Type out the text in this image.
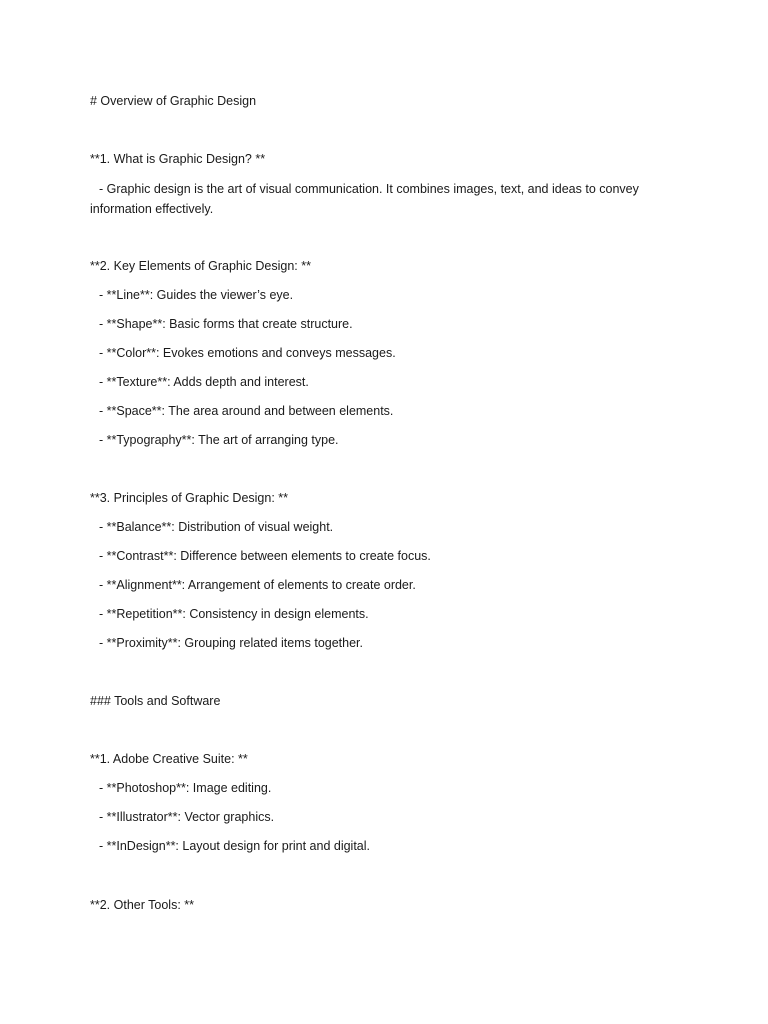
# Overview of Graphic Design
**1. What is Graphic Design? **
- Graphic design is the art of visual communication. It combines images, text, and ideas to convey information effectively.
**2. Key Elements of Graphic Design: **
- **Line**: Guides the viewer’s eye.
- **Shape**: Basic forms that create structure.
- **Color**: Evokes emotions and conveys messages.
- **Texture**: Adds depth and interest.
- **Space**: The area around and between elements.
- **Typography**: The art of arranging type.
**3. Principles of Graphic Design: **
- **Balance**: Distribution of visual weight.
- **Contrast**: Difference between elements to create focus.
- **Alignment**: Arrangement of elements to create order.
- **Repetition**: Consistency in design elements.
- **Proximity**: Grouping related items together.
### Tools and Software
**1. Adobe Creative Suite: **
- **Photoshop**: Image editing.
- **Illustrator**: Vector graphics.
- **InDesign**: Layout design for print and digital.
**2. Other Tools: **
